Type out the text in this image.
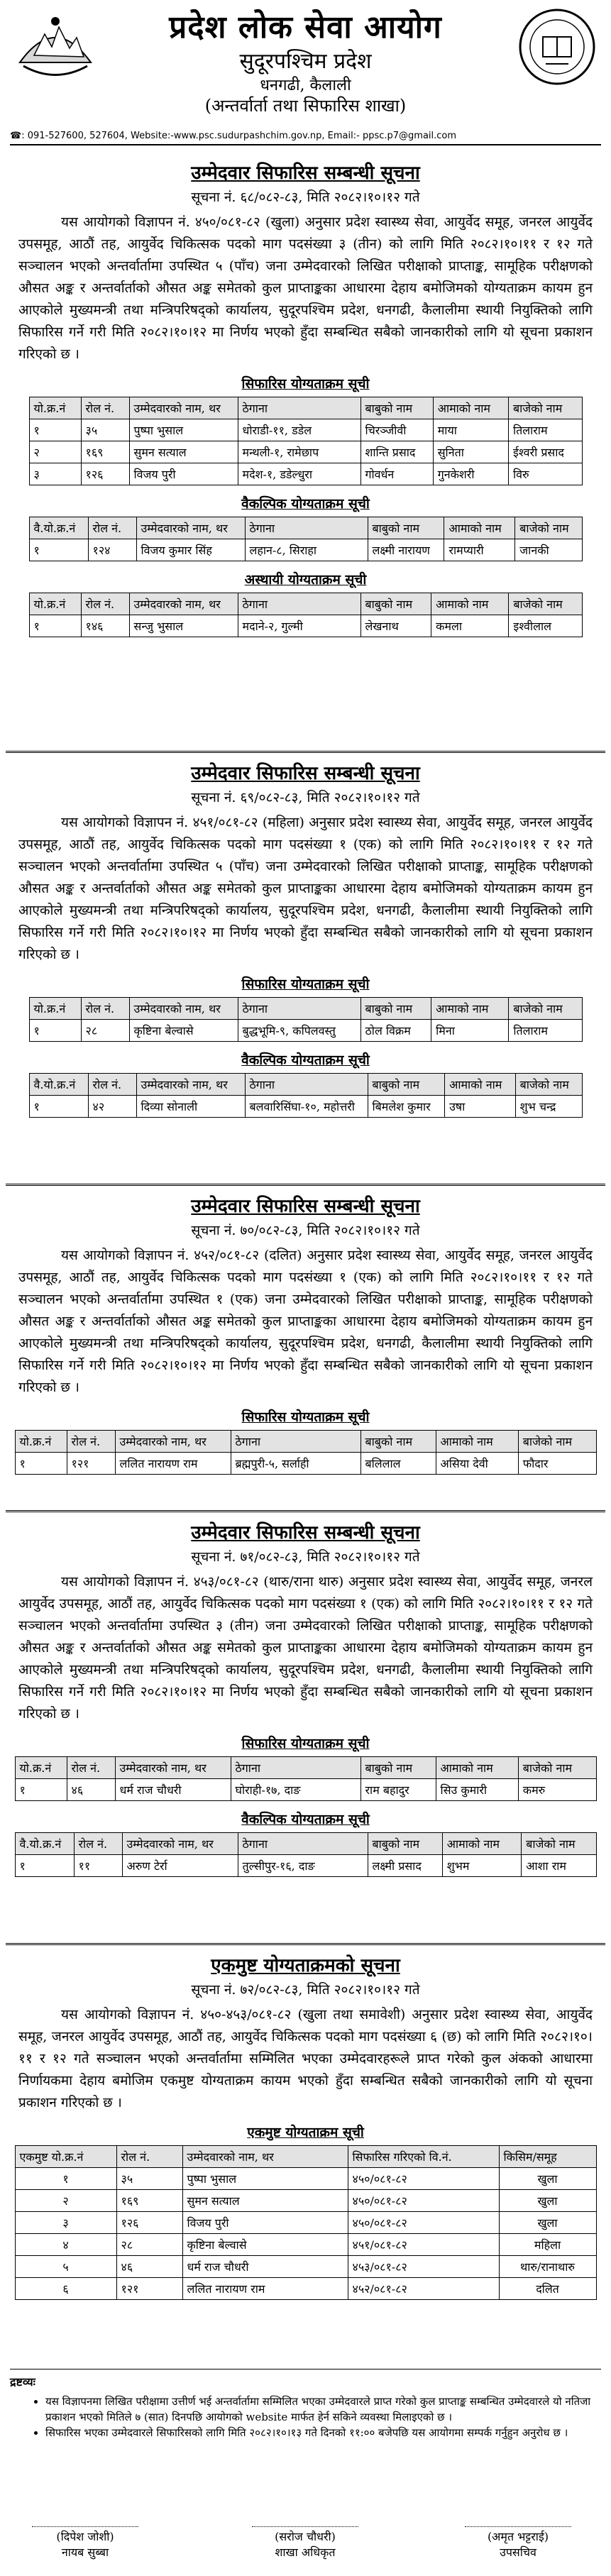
प्रदेश लोक सेवा आयोग
सुदूरपश्चिम प्रदेश
धनगढी, कैलाली
(अन्तर्वार्ता तथा सिफारिस शाखा)
☎: 091-527600, 527604, Website:-www.psc.sudurpashchim.gov.np, Email:- ppsc.p7@gmail.com
उम्मेदवार सिफारिस सम्बन्धी सूचना
सूचना नं. ६८/०८२-८३, मिति २०८२।१०।१२ गते
यस आयोगको विज्ञापन नं. ४५०/०८१-८२ (खुला) अनुसार प्रदेश स्वास्थ्य सेवा, आयुर्वेद समूह, जनरल आयुर्वेद उपसमूह, आठौं तह, आयुर्वेद चिकित्सक पदको माग पदसंख्या ३ (तीन) को लागि मिति २०८२।१०।११ र १२ गते सञ्चालन भएको अन्तर्वार्तामा उपस्थित ५ (पाँच) जना उम्मेदवारको लिखित परीक्षाको प्राप्ताङ्क, सामूहिक परीक्षणको औसत अङ्क र अन्तर्वार्ताको औसत अङ्क समेतको कुल प्राप्ताङ्कका आधारमा देहाय बमोजिमको योग्यताक्रम कायम हुन आएकोले मुख्यमन्त्री तथा मन्त्रिपरिषद्को कार्यालय, सुदूरपश्चिम प्रदेश, धनगढी, कैलालीमा स्थायी नियुक्तिको लागि सिफारिस गर्ने गरी मिति २०८२।१०।१२ मा निर्णय भएको हुँदा सम्बन्धित सबैको जानकारीको लागि यो सूचना प्रकाशन गरिएको छ ।
सिफारिस योग्यताक्रम सूची
यो.क्र.नं	रोल नं.	उम्मेदवारको नाम, थर	ठेगाना	बाबुको नाम	आमाको नाम	बाजेको नाम
१	३५	पुष्पा भुसाल	धोराडी-११, डडेल	चिरञ्जीवी	माया	तिलाराम
२	१६९	सुमन सत्याल	मन्थली-१, रामेछाप	शान्ति प्रसाद	सुनिता	ईश्वरी प्रसाद
३	१२६	विजय पुरी	मदेश-१, डडेल्धुरा	गोवर्धन	गुनकेशरी	विरु
वैकल्पिक योग्यताक्रम सूची
वै.यो.क्र.नं	रोल नं.	उम्मेदवारको नाम, थर	ठेगाना	बाबुको नाम	आमाको नाम	बाजेको नाम
१	१२४	विजय कुमार सिंह	लहान-८, सिराहा	लक्ष्मी नारायण	रामप्यारी	जानकी
अस्थायी योग्यताक्रम सूची
यो.क्र.नं	रोल नं.	उम्मेदवारको नाम, थर	ठेगाना	बाबुको नाम	आमाको नाम	बाजेको नाम
१	१४६	सन्जु भुसाल	मदाने-२, गुल्मी	लेखनाथ	कमला	इश्वीलाल
उम्मेदवार सिफारिस सम्बन्धी सूचना
सूचना नं. ६९/०८२-८३, मिति २०८२।१०।१२ गते
यस आयोगको विज्ञापन नं. ४५१/०८१-८२ (महिला) अनुसार प्रदेश स्वास्थ्य सेवा, आयुर्वेद समूह, जनरल आयुर्वेद उपसमूह, आठौं तह, आयुर्वेद चिकित्सक पदको माग पदसंख्या १ (एक) को लागि मिति २०८२।१०।११ र १२ गते सञ्चालन भएको अन्तर्वार्तामा उपस्थित ५ (पाँच) जना उम्मेदवारको लिखित परीक्षाको प्राप्ताङ्क, सामूहिक परीक्षणको औसत अङ्क र अन्तर्वार्ताको औसत अङ्क समेतको कुल प्राप्ताङ्कका आधारमा देहाय बमोजिमको योग्यताक्रम कायम हुन आएकोले मुख्यमन्त्री तथा मन्त्रिपरिषद्को कार्यालय, सुदूरपश्चिम प्रदेश, धनगढी, कैलालीमा स्थायी नियुक्तिको लागि सिफारिस गर्ने गरी मिति २०८२।१०।१२ मा निर्णय भएको हुँदा सम्बन्धित सबैको जानकारीको लागि यो सूचना प्रकाशन गरिएको छ ।
सिफारिस योग्यताक्रम सूची
यो.क्र.नं	रोल नं.	उम्मेदवारको नाम, थर	ठेगाना	बाबुको नाम	आमाको नाम	बाजेको नाम
१	२८	कृष्टिना बेल्वासे	बुद्धभूमि-९, कपिलवस्तु	ठोल विक्रम	मिना	तिलाराम
वैकल्पिक योग्यताक्रम सूची
वै.यो.क्र.नं	रोल नं.	उम्मेदवारको नाम, थर	ठेगाना	बाबुको नाम	आमाको नाम	बाजेको नाम
१	४२	दिव्या सोनाली	बलवारिसिंघा-१०, महोत्तरी	बिमलेश कुमार	उषा	शुभ चन्द्र
उम्मेदवार सिफारिस सम्बन्धी सूचना
सूचना नं. ७०/०८२-८३, मिति २०८२।१०।१२ गते
यस आयोगको विज्ञापन नं. ४५२/०८१-८२ (दलित) अनुसार प्रदेश स्वास्थ्य सेवा, आयुर्वेद समूह, जनरल आयुर्वेद उपसमूह, आठौं तह, आयुर्वेद चिकित्सक पदको माग पदसंख्या १ (एक) को लागि मिति २०८२।१०।११ र १२ गते सञ्चालन भएको अन्तर्वार्तामा उपस्थित १ (एक) जना उम्मेदवारको लिखित परीक्षाको प्राप्ताङ्क, सामूहिक परीक्षणको औसत अङ्क र अन्तर्वार्ताको औसत अङ्क समेतको कुल प्राप्ताङ्कका आधारमा देहाय बमोजिमको योग्यताक्रम कायम हुन आएकोले मुख्यमन्त्री तथा मन्त्रिपरिषद्को कार्यालय, सुदूरपश्चिम प्रदेश, धनगढी, कैलालीमा स्थायी नियुक्तिको लागि सिफारिस गर्ने गरी मिति २०८२।१०।१२ मा निर्णय भएको हुँदा सम्बन्धित सबैको जानकारीको लागि यो सूचना प्रकाशन गरिएको छ ।
सिफारिस योग्यताक्रम सूची
यो.क्र.नं	रोल नं.	उम्मेदवारको नाम, थर	ठेगाना	बाबुको नाम	आमाको नाम	बाजेको नाम
१	१२१	ललित नारायण राम	ब्रह्मपुरी-५, सर्लाही	बलिलाल	असिया देवी	फौदार
उम्मेदवार सिफारिस सम्बन्धी सूचना
सूचना नं. ७१/०८२-८३, मिति २०८२।१०।१२ गते
यस आयोगको विज्ञापन नं. ४५३/०८१-८२ (थारु/राना थारु) अनुसार प्रदेश स्वास्थ्य सेवा, आयुर्वेद समूह, जनरल आयुर्वेद उपसमूह, आठौं तह, आयुर्वेद चिकित्सक पदको माग पदसंख्या १ (एक) को लागि मिति २०८२।१०।११ र १२ गते सञ्चालन भएको अन्तर्वार्तामा उपस्थित ३ (तीन) जना उम्मेदवारको लिखित परीक्षाको प्राप्ताङ्क, सामूहिक परीक्षणको औसत अङ्क र अन्तर्वार्ताको औसत अङ्क समेतको कुल प्राप्ताङ्कका आधारमा देहाय बमोजिमको योग्यताक्रम कायम हुन आएकोले मुख्यमन्त्री तथा मन्त्रिपरिषद्को कार्यालय, सुदूरपश्चिम प्रदेश, धनगढी, कैलालीमा स्थायी नियुक्तिको लागि सिफारिस गर्ने गरी मिति २०८२।१०।१२ मा निर्णय भएको हुँदा सम्बन्धित सबैको जानकारीको लागि यो सूचना प्रकाशन गरिएको छ ।
सिफारिस योग्यताक्रम सूची
यो.क्र.नं	रोल नं.	उम्मेदवारको नाम, थर	ठेगाना	बाबुको नाम	आमाको नाम	बाजेको नाम
१	४६	धर्म राज चौधरी	घोराही-१७, दाङ	राम बहादुर	सिउ कुमारी	कमरु
वैकल्पिक योग्यताक्रम सूची
वै.यो.क्र.नं	रोल नं.	उम्मेदवारको नाम, थर	ठेगाना	बाबुको नाम	आमाको नाम	बाजेको नाम
१	११	अरुण टेर्रा	तुल्सीपुर-१६, दाङ	लक्ष्मी प्रसाद	शुभम	आशा राम
एकमुष्ट योग्यताक्रमको सूचना
सूचना नं. ७२/०८२-८३, मिति २०८२।१०।१२ गते
यस आयोगको विज्ञापन नं. ४५०-४५३/०८१-८२ (खुला तथा समावेशी) अनुसार प्रदेश स्वास्थ्य सेवा, आयुर्वेद समूह, जनरल आयुर्वेद उपसमूह, आठौं तह, आयुर्वेद चिकित्सक पदको माग पदसंख्या ६ (छ) को लागि मिति २०८२।१०।११ र १२ गते सञ्चालन भएको अन्तर्वार्तामा सम्मिलित भएका उम्मेदवारहरूले प्राप्त गरेको कुल अंकको आधारमा निर्णायकमा देहाय बमोजिम एकमुष्ट योग्यताक्रम कायम भएको हुँदा सम्बन्धित सबैको जानकारीको लागि यो सूचना प्रकाशन गरिएको छ ।
एकमुष्ट योग्यताक्रम सूची
एकमुष्ट यो.क्र.नं	रोल नं.	उम्मेदवारको नाम, थर	सिफारिस गरिएको वि.नं.	किसिम/समूह
१	३५	पुष्पा भुसाल	४५०/०८१-८२	खुला
२	१६९	सुमन सत्याल	४५०/०८१-८२	खुला
३	१२६	विजय पुरी	४५०/०८१-८२	खुला
४	२८	कृष्टिना बेल्वासे	४५१/०८१-८२	महिला
५	४६	धर्म राज चौधरी	४५३/०८१-८२	थारु/रानाथारु
६	१२१	ललित नारायण राम	४५२/०८१-८२	दलित
द्रष्टव्यः
• यस विज्ञापनमा लिखित परीक्षामा उत्तीर्ण भई अन्तर्वार्तामा सम्मिलित भएका उम्मेदवारले प्राप्त गरेको कुल प्राप्ताङ्क सम्बन्धित उम्मेदवारले यो नतिजा प्रकाशन भएको मितिले ७ (सात) दिनपछि आयोगको website मार्फत हेर्न सकिने व्यवस्था मिलाइएको छ ।
• सिफारिस भएका उम्मेदवारले सिफारिसको लागि मिति २०८२।१०।१३ गते दिनको ११:०० बजेपछि यस आयोगमा सम्पर्क गर्नुहुन अनुरोध छ ।
(दिपेश जोशी)
नायब सुब्बा
(सरोज चौधरी)
शाखा अधिकृत
(अमृत भट्टराई)
उपसचिव
